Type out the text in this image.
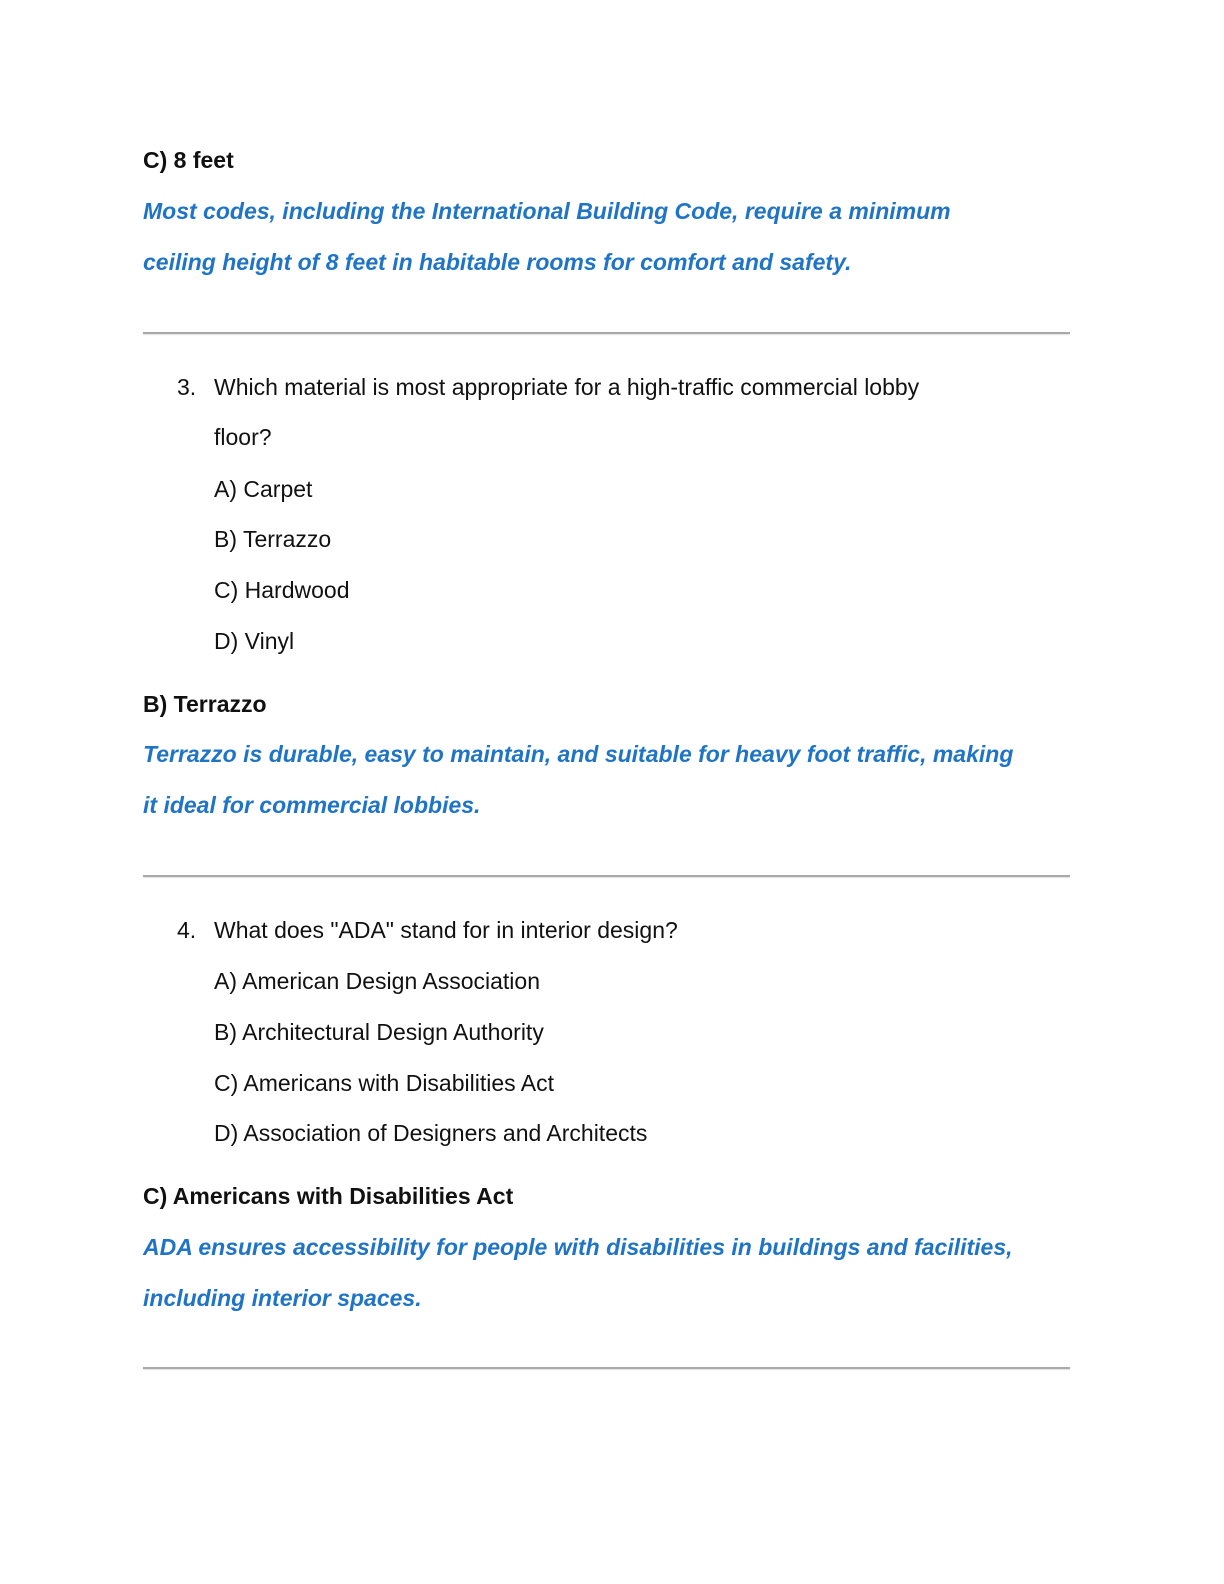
C) 8 feet
Most codes, including the International Building Code, require a minimum
ceiling height of 8 feet in habitable rooms for comfort and safety.
3. Which material is most appropriate for a high-traffic commercial lobby
floor?
A) Carpet
B) Terrazzo
C) Hardwood
D) Vinyl
B) Terrazzo
Terrazzo is durable, easy to maintain, and suitable for heavy foot traffic, making
it ideal for commercial lobbies.
4. What does "ADA" stand for in interior design?
A) American Design Association
B) Architectural Design Authority
C) Americans with Disabilities Act
D) Association of Designers and Architects
C) Americans with Disabilities Act
ADA ensures accessibility for people with disabilities in buildings and facilities,
including interior spaces.
